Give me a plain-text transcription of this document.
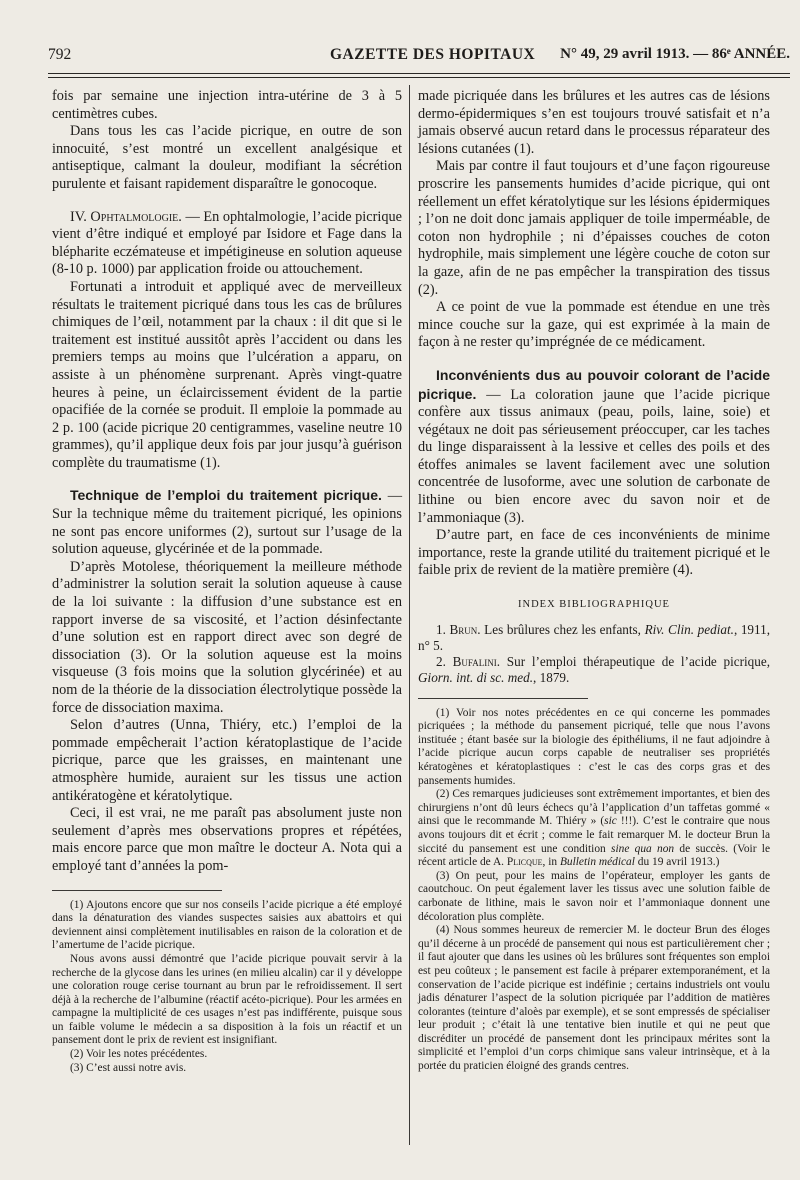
792	GAZETTE DES HOPITAUX N° 49, 29 avril 1913. — 86ᵉ ANNÉE.

fois par semaine une injection intra-utérine de 3 à 5 centimètres cubes.

Dans tous les cas l’acide picrique, en outre de son innocuité, s’est montré un excellent analgésique et antiseptique, calmant la douleur, modifiant la sécrétion purulente et faisant rapidement disparaître le gonocoque.

IV. Ophtalmologie. — En ophtalmologie, l’acide picrique vient d’être indiqué et employé par Isidore et Fage dans la blépharite eczémateuse et impétigineuse en solution aqueuse (8-10 p. 1000) par application froide ou attouchement.

Fortunati a introduit et appliqué avec de merveilleux résultats le traitement picriqué dans tous les cas de brûlures chimiques de l’œil, notamment par la chaux : il dit que si le traitement est institué aussitôt après l’accident ou dans les premiers temps au moins que l’ulcération a apparu, on assiste à un phénomène surprenant. Après vingt-quatre heures à peine, un éclaircissement évident de la partie opacifiée de la cornée se produit. Il emploie la pommade au 2 p. 100 (acide picrique 20 centigrammes, vaseline neutre 10 grammes), qu’il applique deux fois par jour jusqu’à guérison complète du traumatisme (1).

Technique de l’emploi du traitement picrique. — Sur la technique même du traitement picriqué, les opinions ne sont pas encore uniformes (2), surtout sur l’usage de la solution aqueuse, glycérinée et de la pommade.

D’après Motolese, théoriquement la meilleure méthode d’administrer la solution serait la solution aqueuse à cause de la loi suivante : la diffusion d’une substance est en rapport inverse de sa viscosité, et l’action désinfectante d’une solution est en rapport direct avec son degré de dissociation (3). Or la solution aqueuse est la moins visqueuse (3 fois moins que la solution glycérinée) et au nom de la théorie de la dissociation électrolytique possède la force de dissociation maxima.

Selon d’autres (Unna, Thiéry, etc.) l’emploi de la pommade empêcherait l’action kératoplastique de l’acide picrique, parce que les graisses, en maintenant une atmosphère humide, auraient sur les tissus une action antikératogène et kératolytique.

Ceci, il est vrai, ne me paraît pas absolument juste non seulement d’après mes observations propres et répétées, mais encore parce que mon maître le docteur A. Nota qui a employé tant d’années la pom-

(1) Ajoutons encore que sur nos conseils l’acide picrique a été employé dans la dénaturation des viandes suspectes saisies aux abattoirs et qui deviennent ainsi complètement inutilisables en raison de la coloration et de l’amertume de l’acide picrique.

Nous avons aussi démontré que l’acide picrique pouvait servir à la recherche de la glycose dans les urines (en milieu alcalin) car il y développe une coloration rouge cerise tournant au brun par le refroidissement. Il sert déjà à la recherche de l’albumine (réactif acéto-picrique). Pour les armées en campagne la multiplicité de ces usages n’est pas indifférente, puisque sous un faible volume le médecin a sa disposition à la fois un réactif et un pansement dont le prix de revient est insignifiant.

(2) Voir les notes précédentes.

(3) C’est aussi notre avis.

made picriquée dans les brûlures et les autres cas de lésions dermo-épidermiques s’en est toujours trouvé satisfait et n’a jamais observé aucun retard dans le processus réparateur des lésions cutanées (1).

Mais par contre il faut toujours et d’une façon rigoureuse proscrire les pansements humides d’acide picrique, qui ont réellement un effet kératolytique sur les lésions épidermiques ; l’on ne doit donc jamais appliquer de toile imperméable, de coton non hydrophile ; ni d’épaisses couches de coton hydrophile, mais simplement une légère couche de coton sur la gaze, afin de ne pas empêcher la transpiration des tissus (2).

A ce point de vue la pommade est étendue en une très mince couche sur la gaze, qui est exprimée à la main de façon à ne rester qu’imprégnée de ce médicament.

Inconvénients dus au pouvoir colorant de l’acide picrique. — La coloration jaune que l’acide picrique confère aux tissus animaux (peau, poils, laine, soie) et végétaux ne doit pas sérieusement préoccuper, car les taches du linge disparaissent à la lessive et celles des poils et des étoffes animales se lavent facilement avec une solution concentrée de lusoforme, avec une solution de carbonate de lithine ou bien encore avec du savon noir et de l’ammoniaque (3).

D’autre part, en face de ces inconvénients de minime importance, reste la grande utilité du traitement picriqué et le faible prix de revient de la matière première (4).

INDEX BIBLIOGRAPHIQUE

1. Brun. Les brûlures chez les enfants, Riv. Clin. pediat., 1911, n° 5.

2. Bufalini. Sur l’emploi thérapeutique de l’acide picrique, Giorn. int. di sc. med., 1879.

(1) Voir nos notes précédentes en ce qui concerne les pommades picriquées ; la méthode du pansement picriqué, telle que nous l’avons instituée ; étant basée sur la biologie des épithéliums, il ne faut adjoindre à l’acide picrique aucun corps capable de neutraliser ses propriétés kératogènes et kératoplastiques : c’est le cas des corps gras et des pansements humides.

(2) Ces remarques judicieuses sont extrêmement importantes, et bien des chirurgiens n’ont dû leurs échecs qu’à l’application d’un taffetas gommé « ainsi que le recommande M. Thiéry » (sic !!!). C’est le contraire que nous avons toujours dit et écrit ; comme le fait remarquer M. le docteur Brun la siccité du pansement est une condition sine qua non de succès. (Voir le récent article de A. Plicque, in Bulletin médical du 19 avril 1913.)

(3) On peut, pour les mains de l’opérateur, employer les gants de caoutchouc. On peut également laver les tissus avec une solution faible de carbonate de lithine, mais le savon noir et l’ammoniaque donnent une décoloration plus complète.

(4) Nous sommes heureux de remercier M. le docteur Brun des éloges qu’il décerne à un procédé de pansement qui nous est particulièrement cher ; il faut ajouter que dans les usines où les brûlures sont fréquentes son emploi est peu coûteux ; le pansement est facile à préparer extemporanément, et la conservation de l’acide picrique est indéfinie ; certains industriels ont voulu jadis dénaturer l’aspect de la solution picriquée par l’addition de matières colorantes (teinture d’aloès par exemple), et se sont empressés de spécialiser leur produit ; c’était là une tentative bien inutile et qui ne peut que discréditer un procédé de pansement dont les principaux mérites sont la simplicité et l’emploi d’un corps chimique sans valeur intrinsèque, et à la portée du praticien éloigné des grands centres.
